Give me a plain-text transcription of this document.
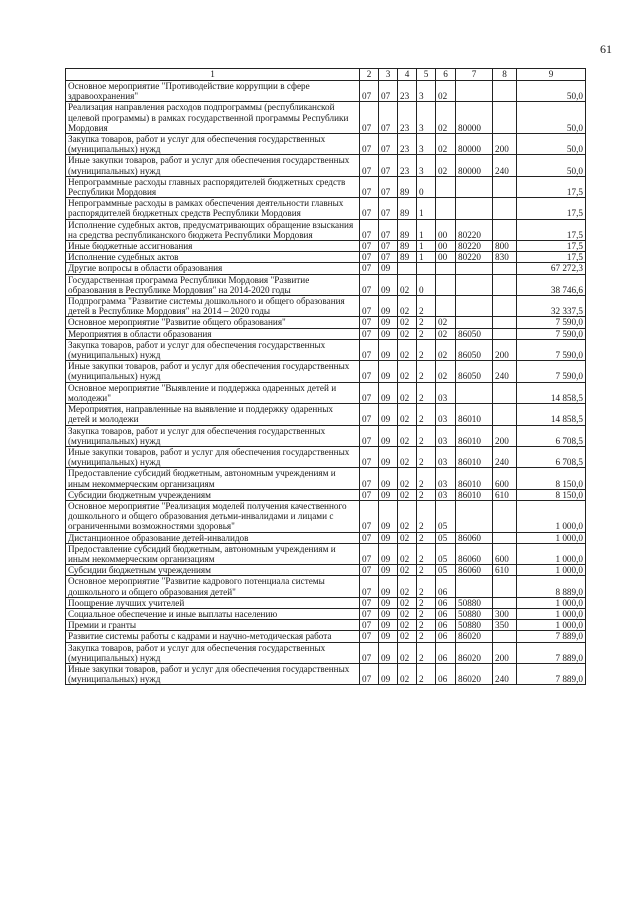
61
1	2	3	4	5	6	7	8	9
Основное мероприятие "Противодействие коррупции в сфере здравоохранения"	07	07	23	3	02			50,0
Реализация направления расходов подпрограммы (республиканской целевой программы) в рамках государственной программы Республики Мордовия	07	07	23	3	02	80000		50,0
Закупка товаров, работ и услуг для обеспечения государственных (муниципальных) нужд	07	07	23	3	02	80000	200	50,0
Иные закупки товаров, работ и услуг для обеспечения государственных (муниципальных) нужд	07	07	23	3	02	80000	240	50,0
Непрограммные расходы главных распорядителей бюджетных средств Республики Мордовия	07	07	89	0				17,5
Непрограммные расходы в рамках обеспечения деятельности главных распорядителей бюджетных средств Республики Мордовия	07	07	89	1				17,5
Исполнение судебных актов, предусматривающих обращение взыскания на средства республиканского бюджета Республики Мордовия	07	07	89	1	00	80220		17,5
Иные бюджетные ассигнования	07	07	89	1	00	80220	800	17,5
Исполнение судебных актов	07	07	89	1	00	80220	830	17,5
Другие вопросы в области образования	07	09						67 272,3
Государственная программа Республики Мордовия "Развитие образования в Республике Мордовия" на 2014-2020 годы	07	09	02	0				38 746,6
Подпрограмма "Развитие системы дошкольного и общего образования детей в Республике Мордовия" на 2014 – 2020 годы	07	09	02	2				32 337,5
Основное мероприятие "Развитие общего образования"	07	09	02	2	02			7 590,0
Мероприятия в области образования	07	09	02	2	02	86050		7 590,0
Закупка товаров, работ и услуг для обеспечения государственных (муниципальных) нужд	07	09	02	2	02	86050	200	7 590,0
Иные закупки товаров, работ и услуг для обеспечения государственных (муниципальных) нужд	07	09	02	2	02	86050	240	7 590,0
Основное мероприятие "Выявление и поддержка одаренных детей и молодежи"	07	09	02	2	03			14 858,5
Мероприятия, направленные на выявление и поддержку одаренных детей и молодежи	07	09	02	2	03	86010		14 858,5
Закупка товаров, работ и услуг для обеспечения государственных (муниципальных) нужд	07	09	02	2	03	86010	200	6 708,5
Иные закупки товаров, работ и услуг для обеспечения государственных (муниципальных) нужд	07	09	02	2	03	86010	240	6 708,5
Предоставление субсидий бюджетным, автономным учреждениям и иным некоммерческим организациям	07	09	02	2	03	86010	600	8 150,0
Субсидии бюджетным учреждениям	07	09	02	2	03	86010	610	8 150,0
Основное мероприятие "Реализация моделей получения качественного дошкольного и общего образования детьми-инвалидами и лицами с ограниченными возможностями здоровья"	07	09	02	2	05			1 000,0
Дистанционное образование детей-инвалидов	07	09	02	2	05	86060		1 000,0
Предоставление субсидий бюджетным, автономным учреждениям и иным некоммерческим организациям	07	09	02	2	05	86060	600	1 000,0
Субсидии бюджетным учреждениям	07	09	02	2	05	86060	610	1 000,0
Основное мероприятие "Развитие кадрового потенциала системы дошкольного и общего образования детей"	07	09	02	2	06			8 889,0
Поощрение лучших учителей	07	09	02	2	06	50880		1 000,0
Социальное обеспечение и иные выплаты населению	07	09	02	2	06	50880	300	1 000,0
Премии и гранты	07	09	02	2	06	50880	350	1 000,0
Развитие системы работы с кадрами и научно-методическая работа	07	09	02	2	06	86020		7 889,0
Закупка товаров, работ и услуг для обеспечения государственных (муниципальных) нужд	07	09	02	2	06	86020	200	7 889,0
Иные закупки товаров, работ и услуг для обеспечения государственных (муниципальных) нужд	07	09	02	2	06	86020	240	7 889,0
